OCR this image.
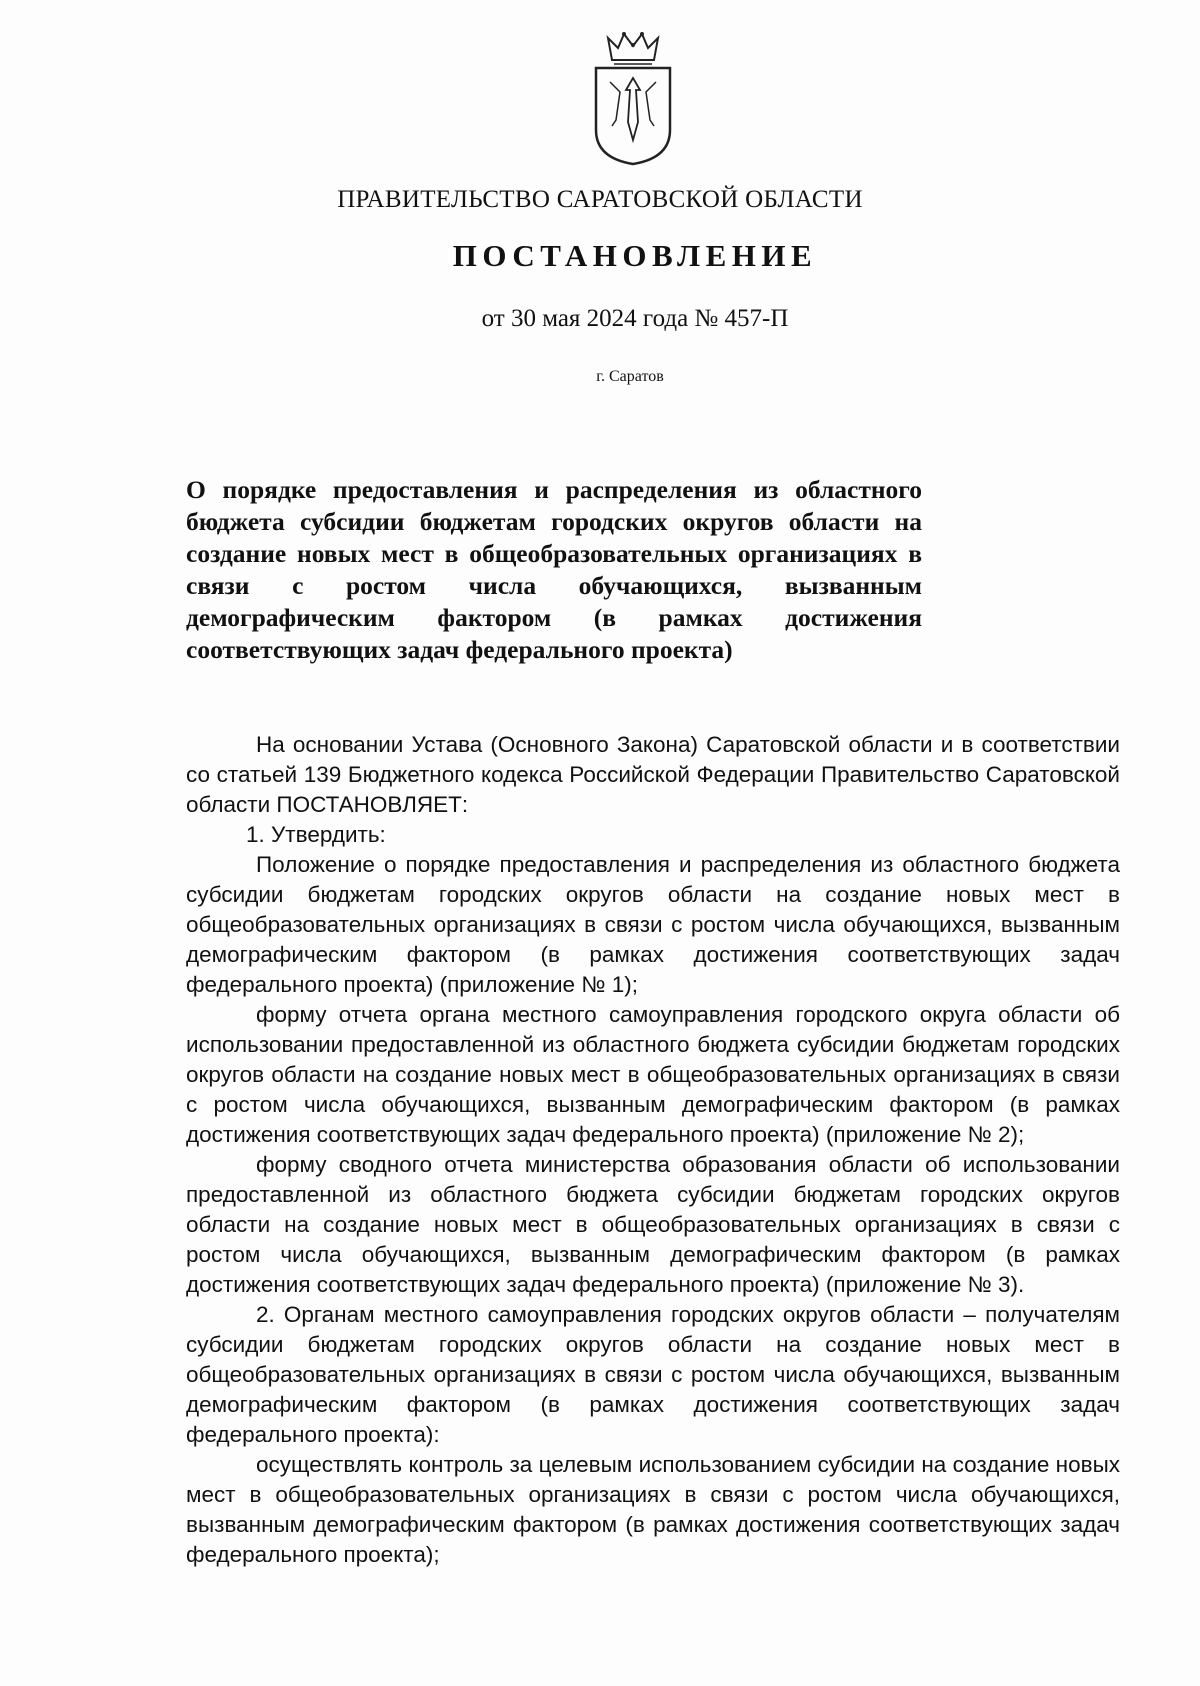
ПРАВИТЕЛЬСТВО САРАТОВСКОЙ ОБЛАСТИ
ПОСТАНОВЛЕНИЕ
от 30 мая 2024 года № 457-П
г. Саратов
О порядке предоставления и распределения из областного бюджета субсидии бюджетам городских округов области на создание новых мест в общеобразовательных организациях в связи с ростом числа обучающихся, вызванным демографическим фактором (в рамках достижения соответствующих задач федерального проекта)

На основании Устава (Основного Закона) Саратовской области и в соответствии со статьей 139 Бюджетного кодекса Российской Федерации Правительство Саратовской области ПОСТАНОВЛЯЕТ:

1. Утвердить:

Положение о порядке предоставления и распределения из областного бюджета субсидии бюджетам городских округов области на создание новых мест в общеобразовательных организациях в связи с ростом числа обучающихся, вызванным демографическим фактором (в рамках достижения соответствующих задач федерального проекта) (приложение № 1);

форму отчета органа местного самоуправления городского округа области об использовании предоставленной из областного бюджета субсидии бюджетам городских округов области на создание новых мест в общеобразовательных организациях в связи с ростом числа обучающихся, вызванным демографическим фактором (в рамках достижения соответствующих задач федерального проекта) (приложение № 2);

форму сводного отчета министерства образования области об использовании предоставленной из областного бюджета субсидии бюджетам городских округов области на создание новых мест в общеобразовательных организациях в связи с ростом числа обучающихся, вызванным демографическим фактором (в рамках достижения соответствующих задач федерального проекта) (приложение № 3).

2. Органам местного самоуправления городских округов области – получателям субсидии бюджетам городских округов области на создание новых мест в общеобразовательных организациях в связи с ростом числа обучающихся, вызванным демографическим фактором (в рамках достижения соответствующих задач федерального проекта):

осуществлять контроль за целевым использованием субсидии на создание новых мест в общеобразовательных организациях в связи с ростом числа обучающихся, вызванным демографическим фактором (в рамках достижения соответствующих задач федерального проекта);
